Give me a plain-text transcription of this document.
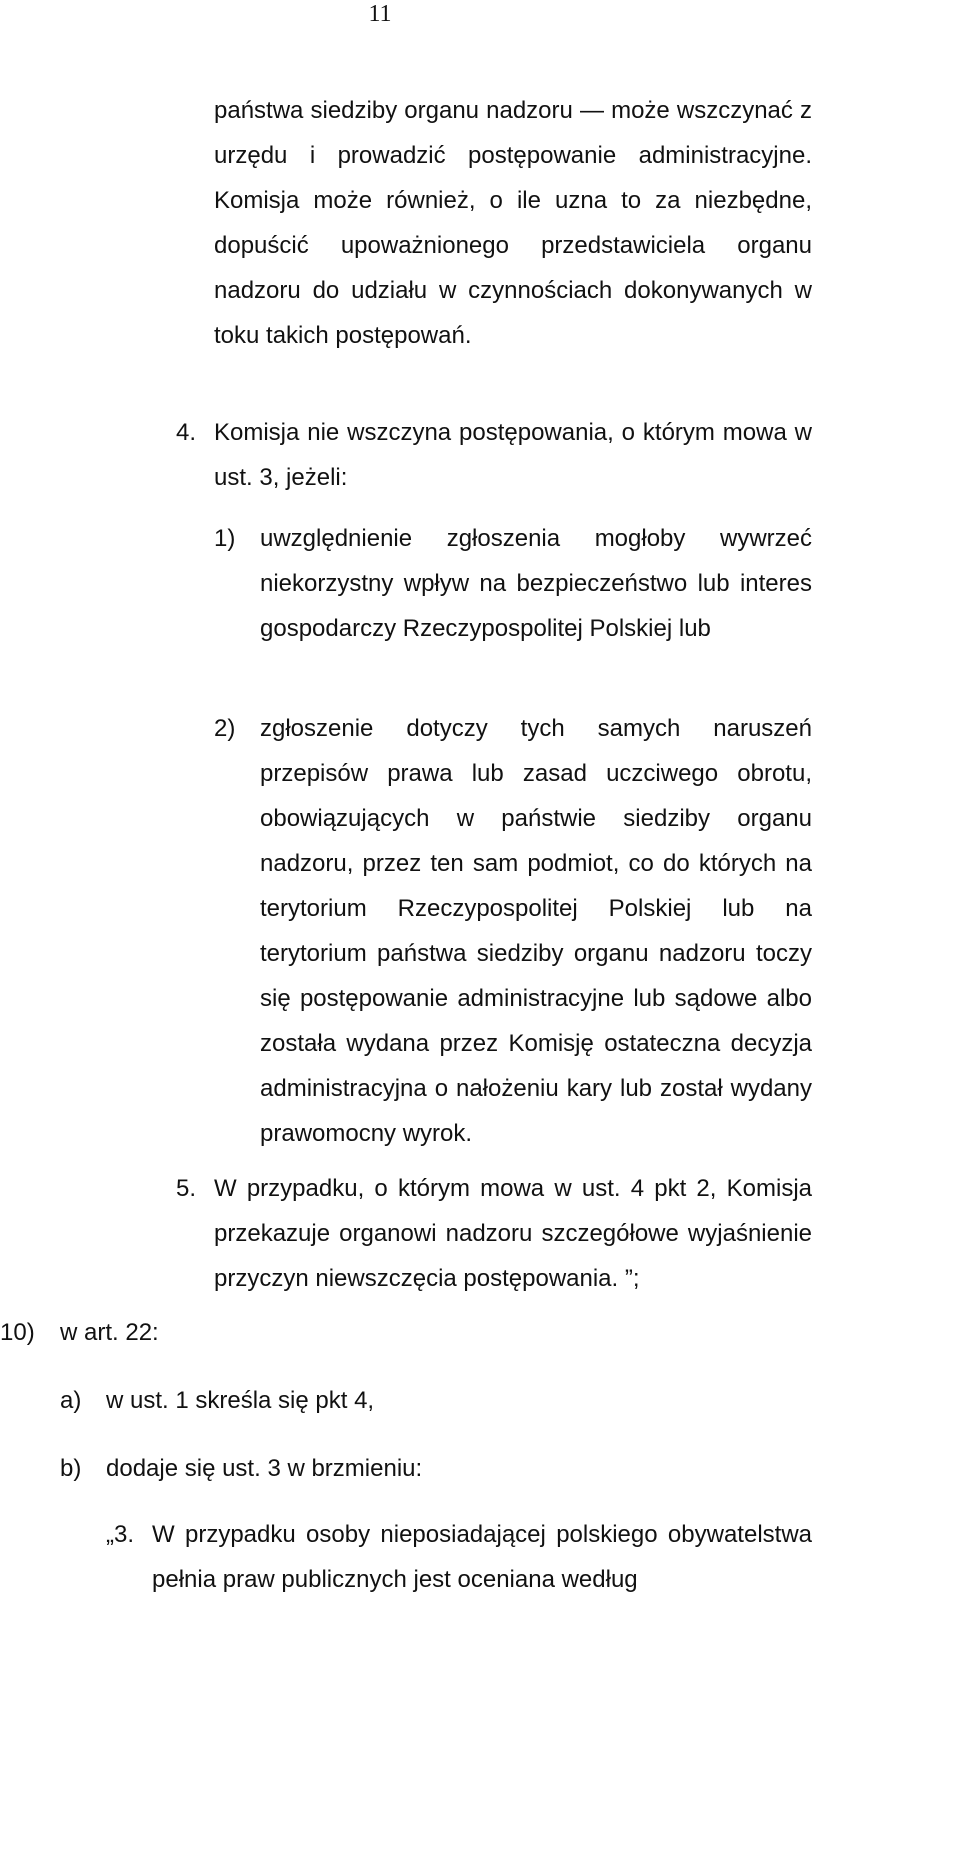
11
państwa siedziby organu nadzoru — może wszczynać z urzędu i prowadzić postępowanie administracyjne. Komisja może również, o ile uzna to za niezbędne, dopuścić upoważnionego przedstawiciela organu nadzoru do udziału w czynnościach dokonywanych w toku takich postępowań.
4. Komisja nie wszczyna postępowania, o którym mowa w ust. 3, jeżeli:
1) uwzględnienie zgłoszenia mogłoby wywrzeć niekorzystny wpływ na bezpieczeństwo lub interes gospodarczy Rzeczypospolitej Polskiej lub
2) zgłoszenie dotyczy tych samych naruszeń przepisów prawa lub zasad uczciwego obrotu, obowiązujących w państwie siedziby organu nadzoru, przez ten sam podmiot, co do których na terytorium Rzeczypospolitej Polskiej lub na terytorium państwa siedziby organu nadzoru toczy się postępowanie administracyjne lub sądowe albo została wydana przez Komisję ostateczna decyzja administracyjna o nałożeniu kary lub został wydany prawomocny wyrok.
5. W przypadku, o którym mowa w ust. 4 pkt 2, Komisja przekazuje organowi nadzoru szczegółowe wyjaśnienie przyczyn niewszczęcia postępowania. ”;
10) w art. 22:
a) w ust. 1 skreśla się pkt 4,
b) dodaje się ust. 3 w brzmieniu:
„3. W przypadku osoby nieposiadającej polskiego obywatelstwa pełnia praw publicznych jest oceniana według
